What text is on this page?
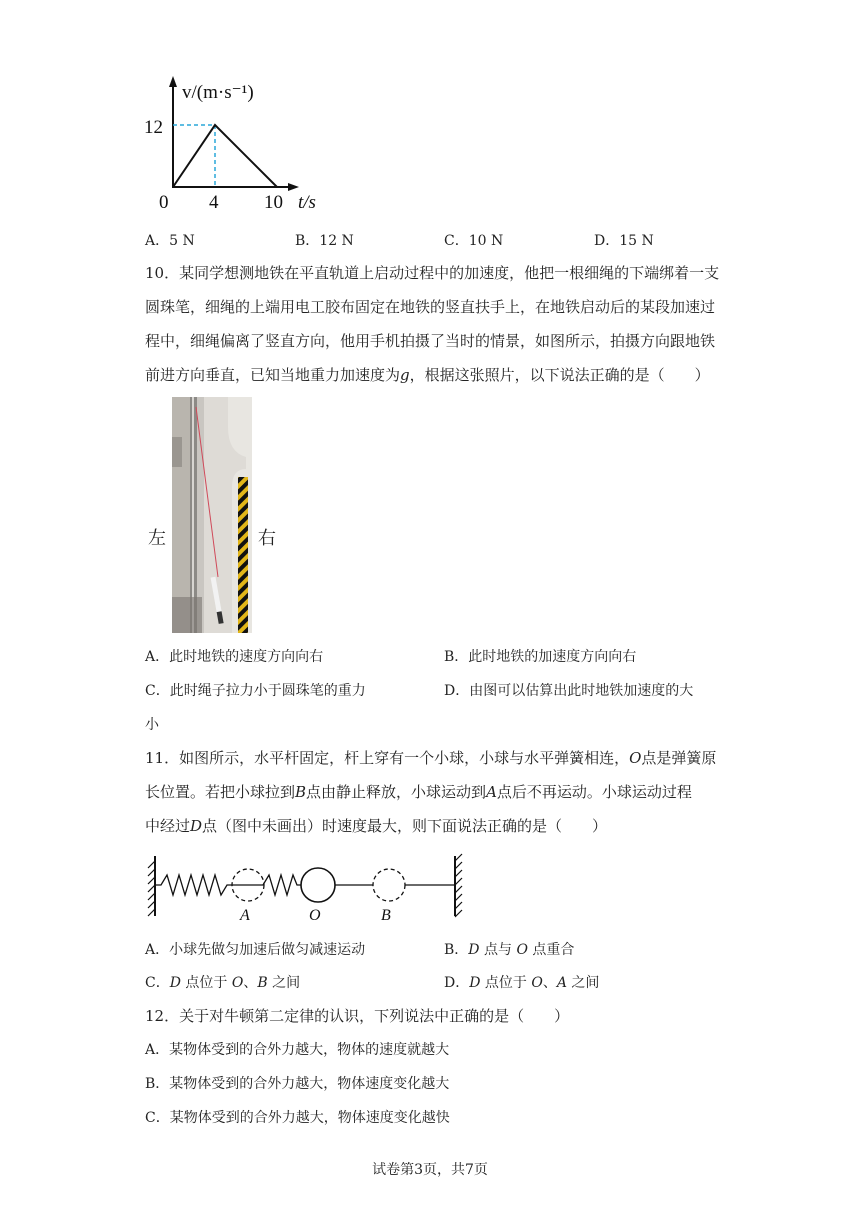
v/(m·s⁻¹)
12
0 4 10 t/s
A．5 N	B．12 N	C．10 N	D．15 N
10．某同学想测地铁在平直轨道上启动过程中的加速度，他把一根细绳的下端绑着一支
圆珠笔，细绳的上端用电工胶布固定在地铁的竖直扶手上，在地铁启动后的某段加速过
程中，细绳偏离了竖直方向，他用手机拍摄了当时的情景，如图所示，拍摄方向跟地铁
前进方向垂直，已知当地重力加速度为g，根据这张照片，以下说法正确的是（　　）
左	右
A．此时地铁的速度方向向右	B．此时地铁的加速度方向向右
C．此时绳子拉力小于圆珠笔的重力	D．由图可以估算出此时地铁加速度的大
小
11．如图所示，水平杆固定，杆上穿有一个小球，小球与水平弹簧相连，O点是弹簧原
长位置。若把小球拉到B点由静止释放，小球运动到A点后不再运动。小球运动过程
中经过D点（图中未画出）时速度最大，则下面说法正确的是（　　）
A	O	B
A．小球先做匀加速后做匀减速运动	B．D 点与 O 点重合
C．D 点位于 O、B 之间	D．D 点位于 O、A 之间
12．关于对牛顿第二定律的认识，下列说法中正确的是（　　）
A．某物体受到的合外力越大，物体的速度就越大
B．某物体受到的合外力越大，物体速度变化越大
C．某物体受到的合外力越大，物体速度变化越快
试卷第3页，共7页
